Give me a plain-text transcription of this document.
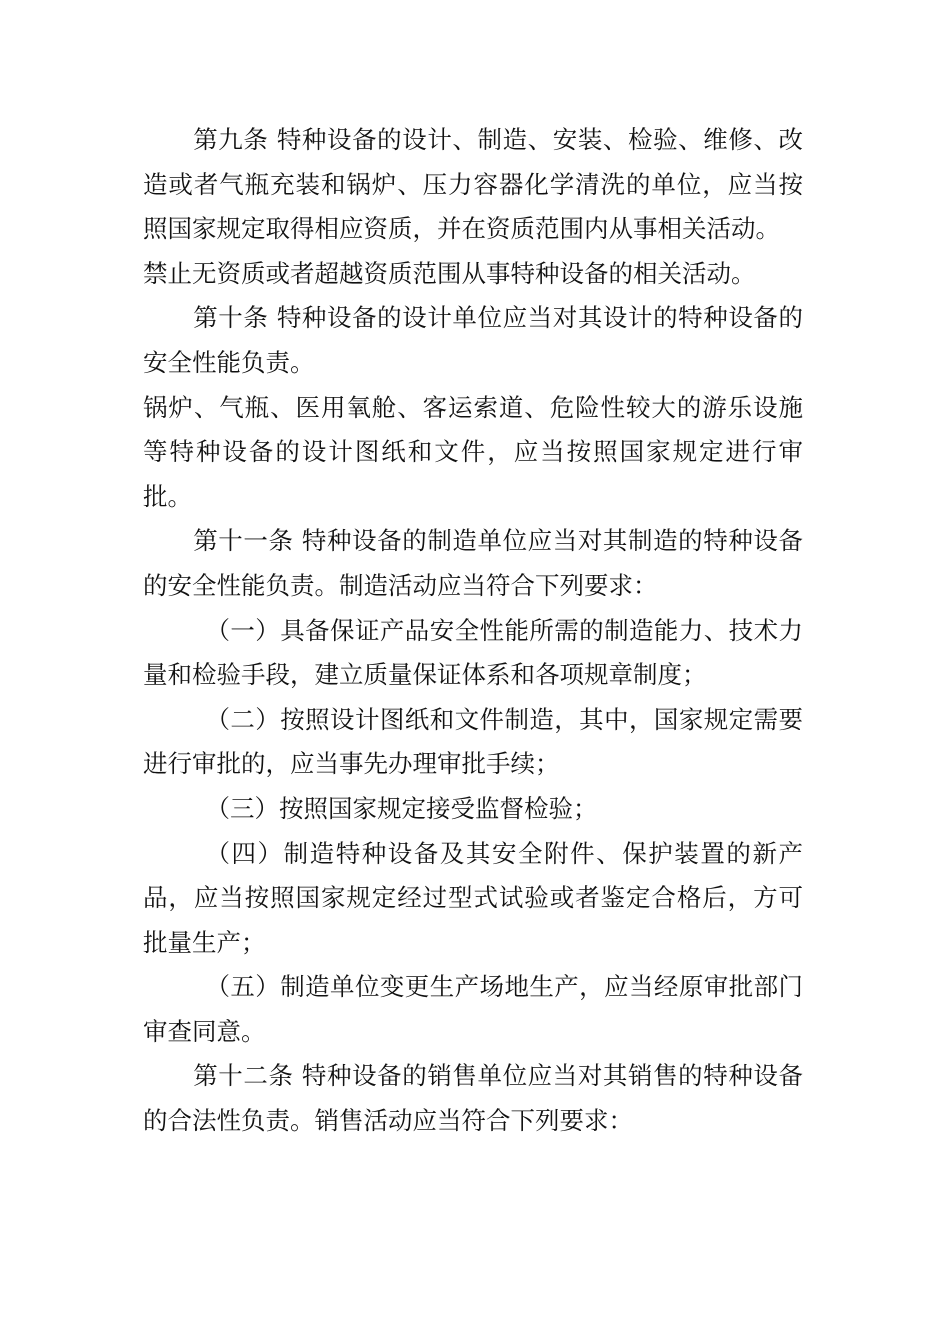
第九条 特种设备的设计、制造、安装、检验、维修、改造或者气瓶充装和锅炉、压力容器化学清洗的单位，应当按照国家规定取得相应资质，并在资质范围内从事相关活动。

禁止无资质或者超越资质范围从事特种设备的相关活动。

第十条 特种设备的设计单位应当对其设计的特种设备的安全性能负责。

锅炉、气瓶、医用氧舱、客运索道、危险性较大的游乐设施等特种设备的设计图纸和文件，应当按照国家规定进行审批。

第十一条 特种设备的制造单位应当对其制造的特种设备的安全性能负责。制造活动应当符合下列要求：

（一）具备保证产品安全性能所需的制造能力、技术力量和检验手段，建立质量保证体系和各项规章制度；

（二）按照设计图纸和文件制造，其中，国家规定需要进行审批的，应当事先办理审批手续；

（三）按照国家规定接受监督检验；

（四）制造特种设备及其安全附件、保护装置的新产品，应当按照国家规定经过型式试验或者鉴定合格后，方可批量生产；

（五）制造单位变更生产场地生产，应当经原审批部门审查同意。

第十二条 特种设备的销售单位应当对其销售的特种设备的合法性负责。销售活动应当符合下列要求：
